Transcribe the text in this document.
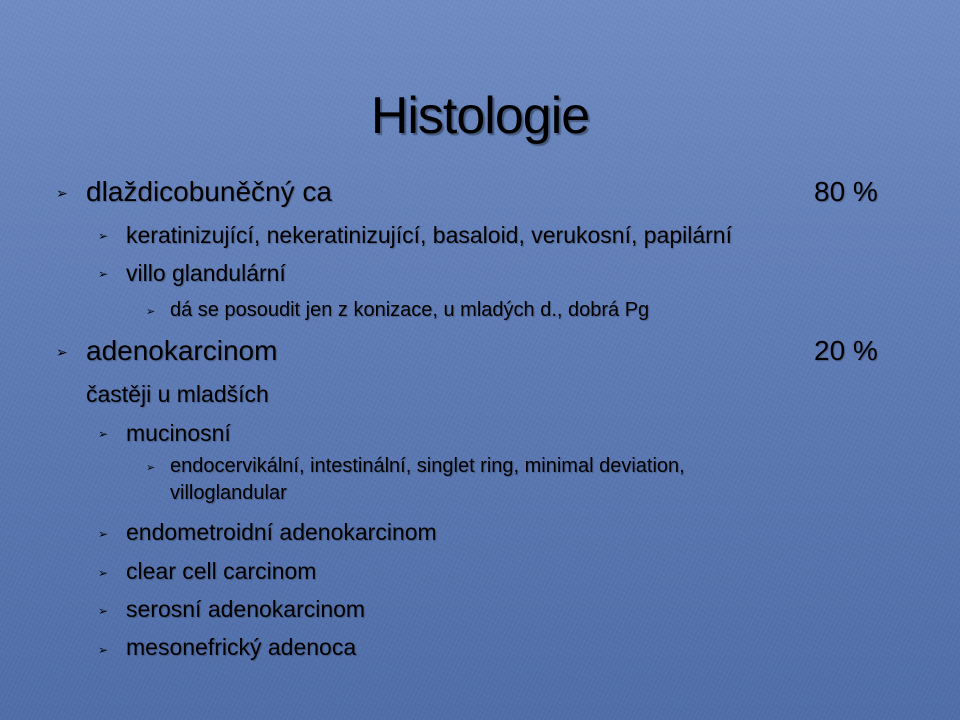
Histologie
➢ dlaždicobuněčný ca	80 %
➢ keratinizující, nekeratinizující, basaloid, verukosní, papilární
➢ villo glandulární
➢ dá se posoudit jen z konizace, u mladých d., dobrá Pg
➢ adenokarcinom	20 %
častěji u mladších
➢ mucinosní
➢ endocervikální, intestinální, singlet ring, minimal deviation,
villoglandular
➢ endometroidní adenokarcinom
➢ clear cell carcinom
➢ serosní adenokarcinom
➢ mesonefrický adenoca
